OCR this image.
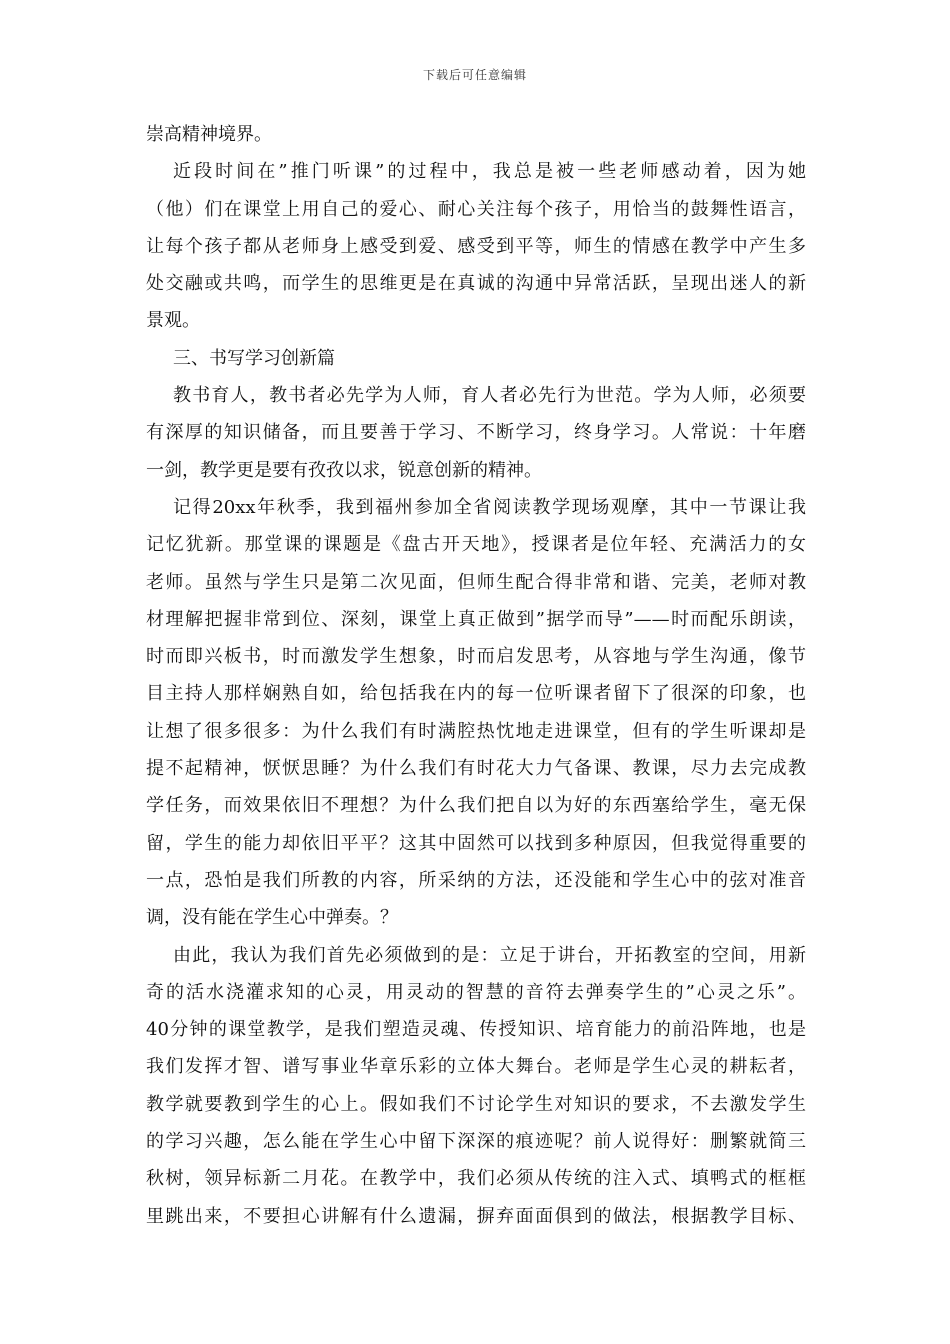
下载后可任意编辑
崇高精神境界。
近段时间在”推门听课”的过程中，我总是被一些老师感动着，因为她
（他）们在课堂上用自己的爱心、耐心关注每个孩子，用恰当的鼓舞性语言，
让每个孩子都从老师身上感受到爱、感受到平等，师生的情感在教学中产生多
处交融或共鸣，而学生的思维更是在真诚的沟通中异常活跃，呈现出迷人的新
景观。
三、书写学习创新篇
教书育人，教书者必先学为人师，育人者必先行为世范。学为人师，必须要
有深厚的知识储备，而且要善于学习、不断学习，终身学习。人常说：十年磨
一剑，教学更是要有孜孜以求，锐意创新的精神。
记得20xx年秋季，我到福州参加全省阅读教学现场观摩，其中一节课让我
记忆犹新。那堂课的课题是《盘古开天地》，授课者是位年轻、充满活力的女
老师。虽然与学生只是第二次见面，但师生配合得非常和谐、完美，老师对教
材理解把握非常到位、深刻，课堂上真正做到”据学而导”——时而配乐朗读，
时而即兴板书，时而激发学生想象，时而启发思考，从容地与学生沟通，像节
目主持人那样娴熟自如，给包括我在内的每一位听课者留下了很深的印象，也
让想了很多很多：为什么我们有时满腔热忱地走进课堂，但有的学生听课却是
提不起精神，恹恹思睡？为什么我们有时花大力气备课、教课，尽力去完成教
学任务，而效果依旧不理想？为什么我们把自以为好的东西塞给学生，毫无保
留，学生的能力却依旧平平？这其中固然可以找到多种原因，但我觉得重要的
一点，恐怕是我们所教的内容，所采纳的方法，还没能和学生心中的弦对准音
调，没有能在学生心中弹奏。？
由此，我认为我们首先必须做到的是：立足于讲台，开拓教室的空间，用新
奇的活水浇灌求知的心灵，用灵动的智慧的音符去弹奏学生的”心灵之乐”。
40分钟的课堂教学，是我们塑造灵魂、传授知识、培育能力的前沿阵地，也是
我们发挥才智、谱写事业华章乐彩的立体大舞台。老师是学生心灵的耕耘者，
教学就要教到学生的心上。假如我们不讨论学生对知识的要求，不去激发学生
的学习兴趣，怎么能在学生心中留下深深的痕迹呢？前人说得好：删繁就简三
秋树，领异标新二月花。在教学中，我们必须从传统的注入式、填鸭式的框框
里跳出来，不要担心讲解有什么遗漏，摒弃面面俱到的做法，根据教学目标、
